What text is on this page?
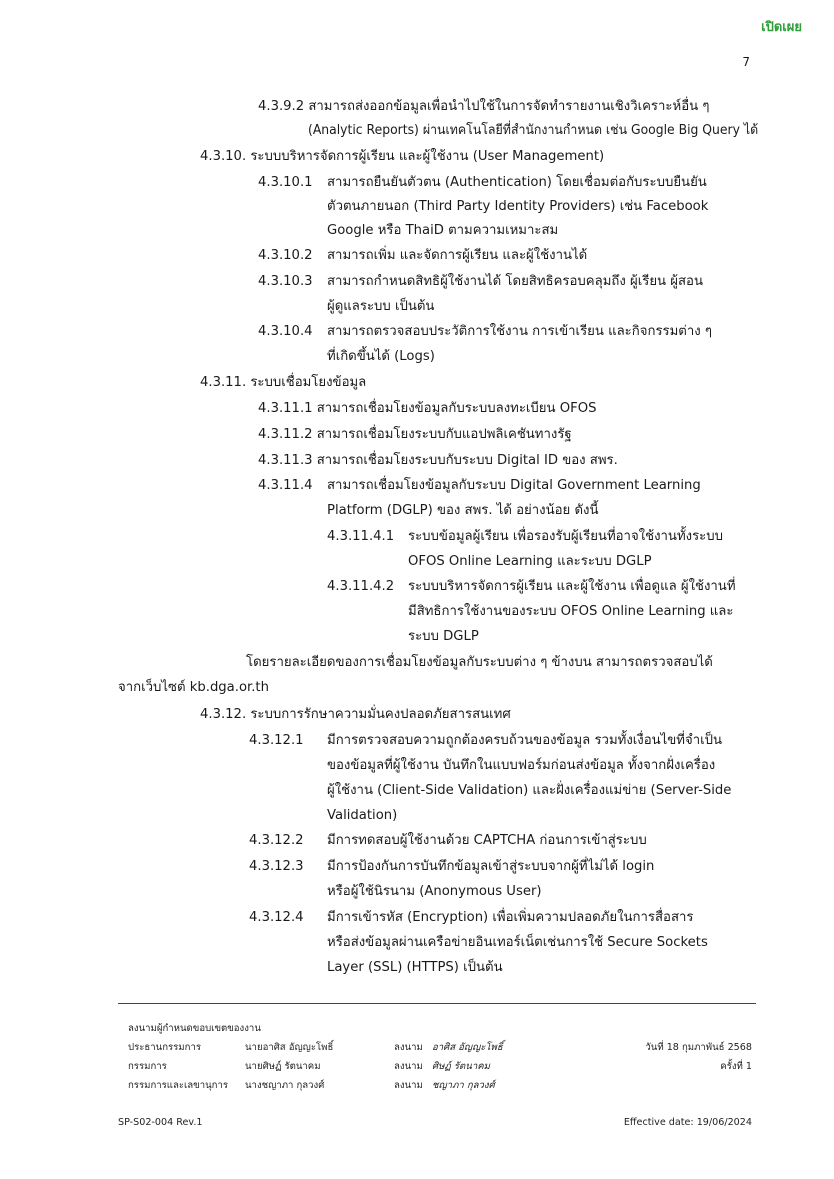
เปิดเผย
7
4.3.9.2 สามารถส่งออกข้อมูลเพื่อนำไปใช้ในการจัดทำรายงานเชิงวิเคราะห์อื่น ๆ
(Analytic Reports) ผ่านเทคโนโลยีที่สำนักงานกำหนด เช่น Google Big Query ได้
4.3.10. ระบบบริหารจัดการผู้เรียน และผู้ใช้งาน (User Management)
4.3.10.1 สามารถยืนยันตัวตน (Authentication) โดยเชื่อมต่อกับระบบยืนยัน
ตัวตนภายนอก (Third Party Identity Providers) เช่น Facebook
Google หรือ ThaiD ตามความเหมาะสม
4.3.10.2 สามารถเพิ่ม และจัดการผู้เรียน และผู้ใช้งานได้
4.3.10.3 สามารถกำหนดสิทธิผู้ใช้งานได้ โดยสิทธิครอบคลุมถึง ผู้เรียน ผู้สอน
ผู้ดูแลระบบ เป็นต้น
4.3.10.4 สามารถตรวจสอบประวัติการใช้งาน การเข้าเรียน และกิจกรรมต่าง ๆ
ที่เกิดขึ้นได้ (Logs)
4.3.11. ระบบเชื่อมโยงข้อมูล
4.3.11.1 สามารถเชื่อมโยงข้อมูลกับระบบลงทะเบียน OFOS
4.3.11.2 สามารถเชื่อมโยงระบบกับแอปพลิเคชันทางรัฐ
4.3.11.3 สามารถเชื่อมโยงระบบกับระบบ Digital ID ของ สพร.
4.3.11.4 สามารถเชื่อมโยงข้อมูลกับระบบ Digital Government Learning
Platform (DGLP) ของ สพร. ได้ อย่างน้อย ดังนี้
4.3.11.4.1 ระบบข้อมูลผู้เรียน เพื่อรองรับผู้เรียนที่อาจใช้งานทั้งระบบ
OFOS Online Learning และระบบ DGLP
4.3.11.4.2 ระบบบริหารจัดการผู้เรียน และผู้ใช้งาน เพื่อดูแล ผู้ใช้งานที่
มีสิทธิการใช้งานของระบบ OFOS Online Learning และ
ระบบ DGLP
โดยรายละเอียดของการเชื่อมโยงข้อมูลกับระบบต่าง ๆ ข้างบน สามารถตรวจสอบได้
จากเว็บไซต์ kb.dga.or.th
4.3.12. ระบบการรักษาความมั่นคงปลอดภัยสารสนเทศ
4.3.12.1 มีการตรวจสอบความถูกต้องครบถ้วนของข้อมูล รวมทั้งเงื่อนไขที่จำเป็น
ของข้อมูลที่ผู้ใช้งาน บันทึกในแบบฟอร์มก่อนส่งข้อมูล ทั้งจากฝั่งเครื่อง
ผู้ใช้งาน (Client-Side Validation) และฝั่งเครื่องแม่ข่าย (Server-Side
Validation)
4.3.12.2 มีการทดสอบผู้ใช้งานด้วย CAPTCHA ก่อนการเข้าสู่ระบบ
4.3.12.3 มีการป้องกันการบันทึกข้อมูลเข้าสู่ระบบจากผู้ที่ไม่ได้ login
หรือผู้ใช้นิรนาม (Anonymous User)
4.3.12.4 มีการเข้ารหัส (Encryption) เพื่อเพิ่มความปลอดภัยในการสื่อสาร
หรือส่งข้อมูลผ่านเครือข่ายอินเทอร์เน็ตเช่นการใช้ Secure Sockets
Layer (SSL) (HTTPS) เป็นต้น
ลงนามผู้กำหนดขอบเขตของงาน
ประธานกรรมการ	นายอาศิส อัญญะโพธิ์	ลงนาม อาศิส อัญญะโพธิ์	วันที่ 18 กุมภาพันธ์ 2568
กรรมการ	นายศิษฏ์ รัตนาคม	ลงนาม ศิษฏ์ รัตนาคม	ครั้งที่ 1
กรรมการและเลขานุการ นางชญาภา กุลวงศ์	ลงนาม ชญาภา กุลวงศ์
SP-S02-004 Rev.1	Effective date: 19/06/2024
